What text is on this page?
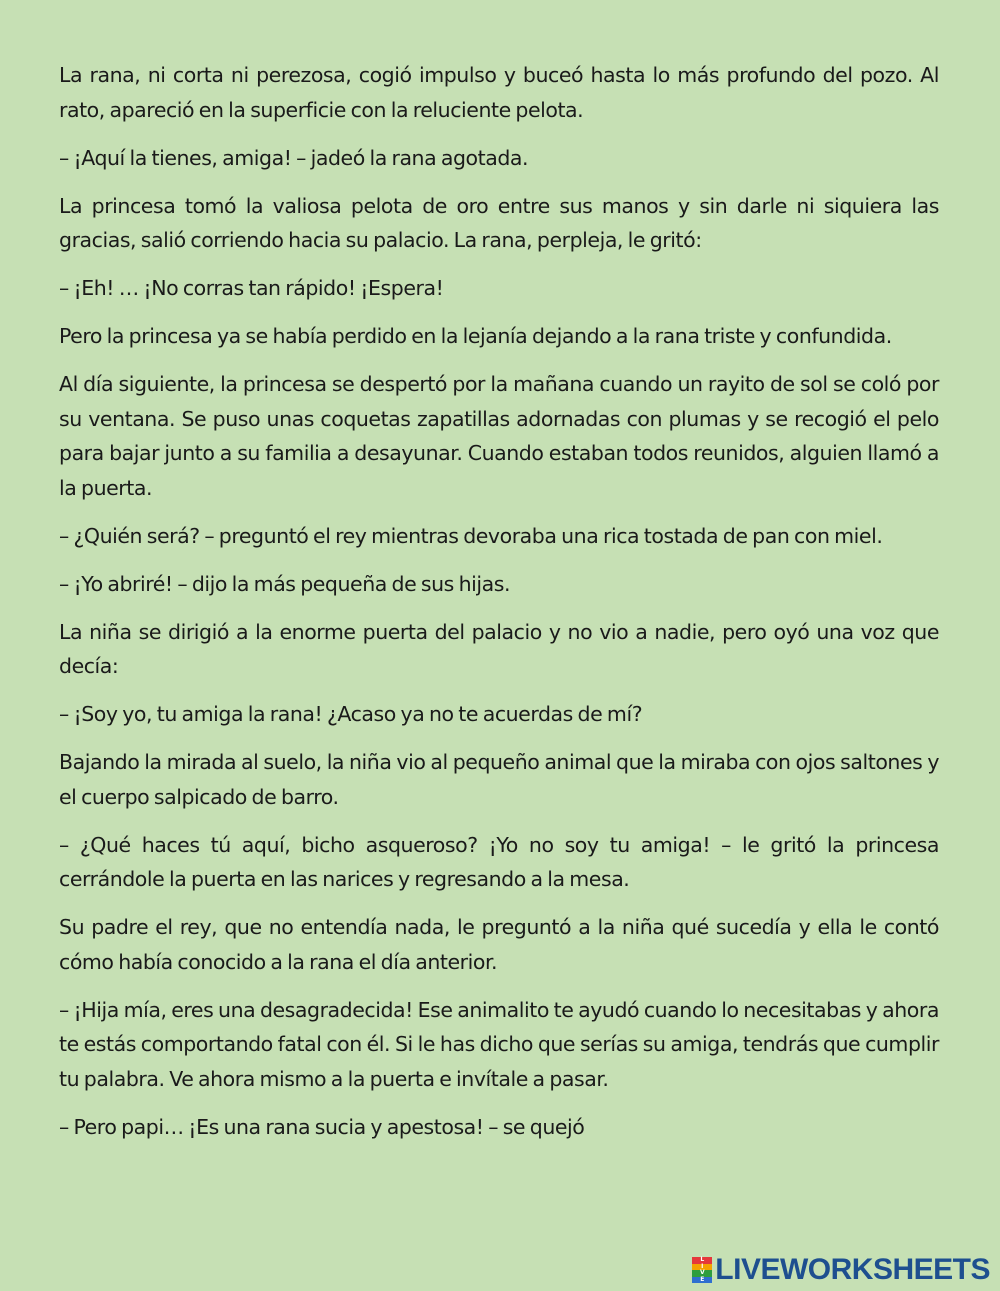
La rana, ni corta ni perezosa, cogió impulso y buceó hasta lo más profundo del pozo. Al rato, apareció en la superficie con la reluciente pelota.

– ¡Aquí la tienes, amiga! – jadeó la rana agotada.

La princesa tomó la valiosa pelota de oro entre sus manos y sin darle ni siquiera las gracias, salió corriendo hacia su palacio. La rana, perpleja, le gritó:

– ¡Eh! … ¡No corras tan rápido! ¡Espera!

Pero la princesa ya se había perdido en la lejanía dejando a la rana triste y confundida.

Al día siguiente, la princesa se despertó por la mañana cuando un rayito de sol se coló por su ventana. Se puso unas coquetas zapatillas adornadas con plumas y se recogió el pelo para bajar junto a su familia a desayunar. Cuando estaban todos reunidos, alguien llamó a la puerta.

– ¿Quién será? – preguntó el rey mientras devoraba una rica tostada de pan con miel.

– ¡Yo abriré! – dijo la más pequeña de sus hijas.

La niña se dirigió a la enorme puerta del palacio y no vio a nadie, pero oyó una voz que decía:

– ¡Soy yo, tu amiga la rana! ¿Acaso ya no te acuerdas de mí?

Bajando la mirada al suelo, la niña vio al pequeño animal que la miraba con ojos saltones y el cuerpo salpicado de barro.

– ¿Qué haces tú aquí, bicho asqueroso? ¡Yo no soy tu amiga! – le gritó la princesa cerrándole la puerta en las narices y regresando a la mesa.

Su padre el rey, que no entendía nada, le preguntó a la niña qué sucedía y ella le contó cómo había conocido a la rana el día anterior.

– ¡Hija mía, eres una desagradecida! Ese animalito te ayudó cuando lo necesitabas y ahora te estás comportando fatal con él. Si le has dicho que serías su amiga, tendrás que cumplir tu palabra. Ve ahora mismo a la puerta e invítale a pasar.

– Pero papi… ¡Es una rana sucia y apestosa! – se quejó

L
I
V
E LIVEWORKSHEETS
